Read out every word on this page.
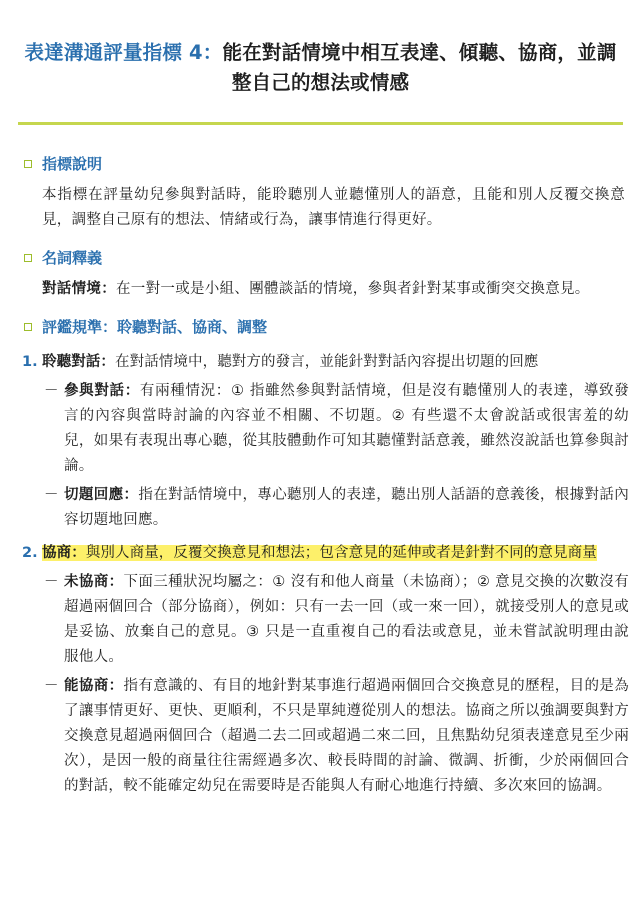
表達溝通評量指標 4：能在對話情境中相互表達、傾聽、協商，並調整自己的想法或情感
指標說明

本指標在評量幼兒參與對話時，能聆聽別人並聽懂別人的語意，且能和別人反覆交換意見，調整自己原有的想法、情緒或行為，讓事情進行得更好。

名詞釋義

對話情境：在一對一或是小組、團體談話的情境，參與者針對某事或衝突交換意見。

評鑑規準：聆聽對話、協商、調整
1. 聆聽對話：在對話情境中，聽對方的發言，並能針對對話內容提出切題的回應
－ 參與對話：有兩種情況：① 指雖然參與對話情境，但是沒有聽懂別人的表達，導致發言的內容與當時討論的內容並不相關、不切題。② 有些還不太會說話或很害羞的幼兒，如果有表現出專心聽，從其肢體動作可知其聽懂對話意義，雖然沒說話也算參與討論。
－ 切題回應：指在對話情境中，專心聽別人的表達，聽出別人話語的意義後，根據對話內容切題地回應。
2. 協商：與別人商量，反覆交換意見和想法；包含意見的延伸或者是針對不同的意見商量
－ 未協商：下面三種狀況均屬之：① 沒有和他人商量（未協商）；② 意見交換的次數沒有超過兩個回合（部分協商），例如：只有一去一回（或一來一回），就接受別人的意見或是妥協、放棄自己的意見。③ 只是一直重複自己的看法或意見，並未嘗試說明理由說服他人。
－ 能協商：指有意識的、有目的地針對某事進行超過兩個回合交換意見的歷程，目的是為了讓事情更好、更快、更順利，不只是單純遵從別人的想法。協商之所以強調要與對方交換意見超過兩個回合（超過二去二回或超過二來二回，且焦點幼兒須表達意見至少兩次），是因一般的商量往往需經過多次、較長時間的討論、微調、折衝，少於兩個回合的對話，較不能確定幼兒在需要時是否能與人有耐心地進行持續、多次來回的協調。
